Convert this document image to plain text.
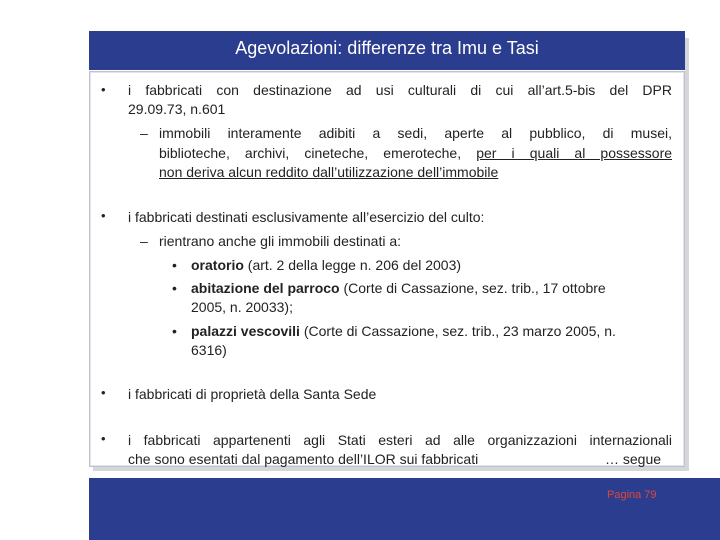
Agevolazioni: differenze tra Imu e Tasi
• i fabbricati con destinazione ad usi culturali di cui all’art.5-bis del DPR
29.09.73, n.601
– immobili interamente adibiti a sedi, aperte al pubblico, di musei,
biblioteche, archivi, cineteche, emeroteche, per i quali al possessore
non deriva alcun reddito dall’utilizzazione dell’immobile
• i fabbricati destinati esclusivamente all’esercizio del culto:
– rientrano anche gli immobili destinati a:
• oratorio (art. 2 della legge n. 206 del 2003)
• abitazione del parroco (Corte di Cassazione, sez. trib., 17 ottobre
2005, n. 20033);
• palazzi vescovili (Corte di Cassazione, sez. trib., 23 marzo 2005, n.
6316)
• i fabbricati di proprietà della Santa Sede
• i fabbricati appartenenti agli Stati esteri ad alle organizzazioni internazionali
che sono esentati dal pagamento dell’ILOR sui fabbricati	… segue
Pagina 79
